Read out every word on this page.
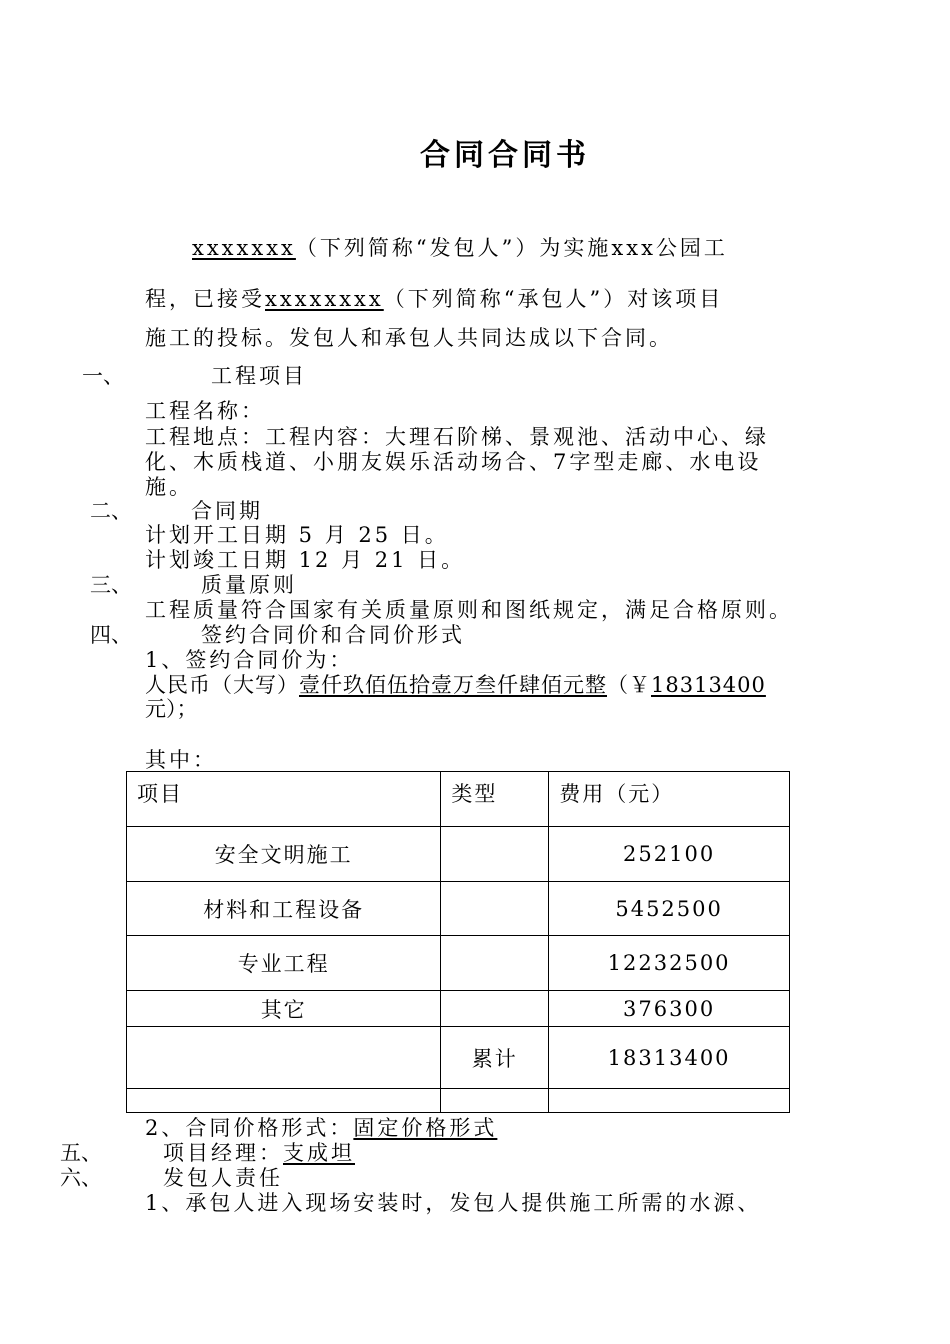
合同合同书
xxxxxxx（下列简称“发包人”）为实施xxx公园工
程，已接受xxxxxxxx（下列简称“承包人”）对该项目
施工的投标。发包人和承包人共同达成以下合同。
一、	工程项目
工程名称：
工程地点：工程内容：大理石阶梯、景观池、活动中心、绿
化、木质栈道、小朋友娱乐活动场合、7字型走廊、水电设
施。
二、	合同期
计划开工日期 5 月 25 日。
计划竣工日期 12 月 21 日。
三、	质量原则
工程质量符合国家有关质量原则和图纸规定，满足合格原则。
四、	签约合同价和合同价形式
1、签约合同价为：
人民币（大写）壹仟玖佰伍拾壹万叁仟肆佰元整（￥18313400
元）；
其中：
项目	类型	费用（元）
安全文明施工		252100
材料和工程设备		5452500
专业工程		12232500
其它		376300
	累计	18313400

2、合同价格形式：固定价格形式
五、	项目经理：支成坦
六、	发包人责任
1、承包人进入现场安装时，发包人提供施工所需的水源、
